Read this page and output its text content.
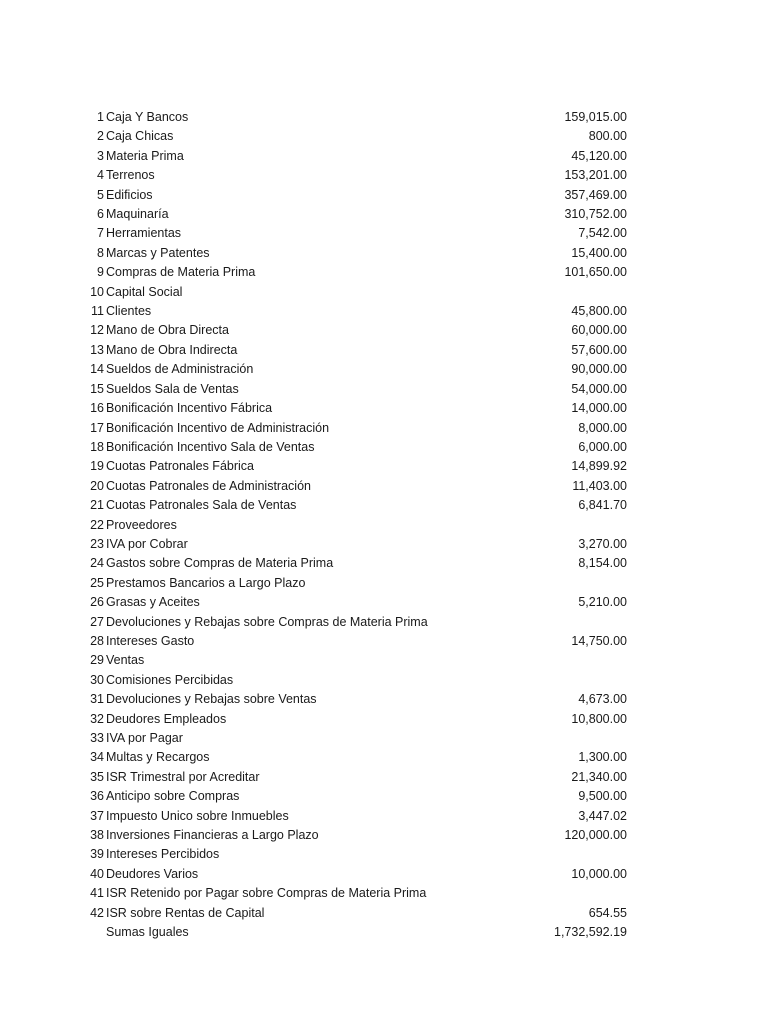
1 Caja Y Bancos	159,015.00
2 Caja Chicas	800.00
3 Materia Prima	45,120.00
4 Terrenos	153,201.00
5 Edificios	357,469.00
6 Maquinaría	310,752.00
7 Herramientas	7,542.00
8 Marcas y Patentes	15,400.00
9 Compras de Materia Prima	101,650.00
10 Capital Social
11 Clientes	45,800.00
12 Mano de Obra Directa	60,000.00
13 Mano de Obra Indirecta	57,600.00
14 Sueldos de Administración	90,000.00
15 Sueldos Sala de Ventas	54,000.00
16 Bonificación Incentivo Fábrica	14,000.00
17 Bonificación Incentivo de Administración	8,000.00
18 Bonificación Incentivo Sala de Ventas	6,000.00
19 Cuotas Patronales Fábrica	14,899.92
20 Cuotas Patronales de Administración	11,403.00
21 Cuotas Patronales Sala de Ventas	6,841.70
22 Proveedores
23 IVA por Cobrar	3,270.00
24 Gastos sobre Compras de Materia Prima	8,154.00
25 Prestamos Bancarios a Largo Plazo
26 Grasas y Aceites	5,210.00
27 Devoluciones y Rebajas sobre Compras de Materia Prima
28 Intereses Gasto	14,750.00
29 Ventas
30 Comisiones Percibidas
31 Devoluciones y Rebajas sobre Ventas	4,673.00
32 Deudores Empleados	10,800.00
33 IVA por Pagar
34 Multas y Recargos	1,300.00
35 ISR Trimestral por Acreditar	21,340.00
36 Anticipo sobre Compras	9,500.00
37 Impuesto Unico sobre Inmuebles	3,447.02
38 Inversiones Financieras a Largo Plazo	120,000.00
39 Intereses Percibidos
40 Deudores Varios	10,000.00
41 ISR Retenido por Pagar sobre Compras de Materia Prima
42 ISR sobre Rentas de Capital	654.55
Sumas Iguales	1,732,592.19
